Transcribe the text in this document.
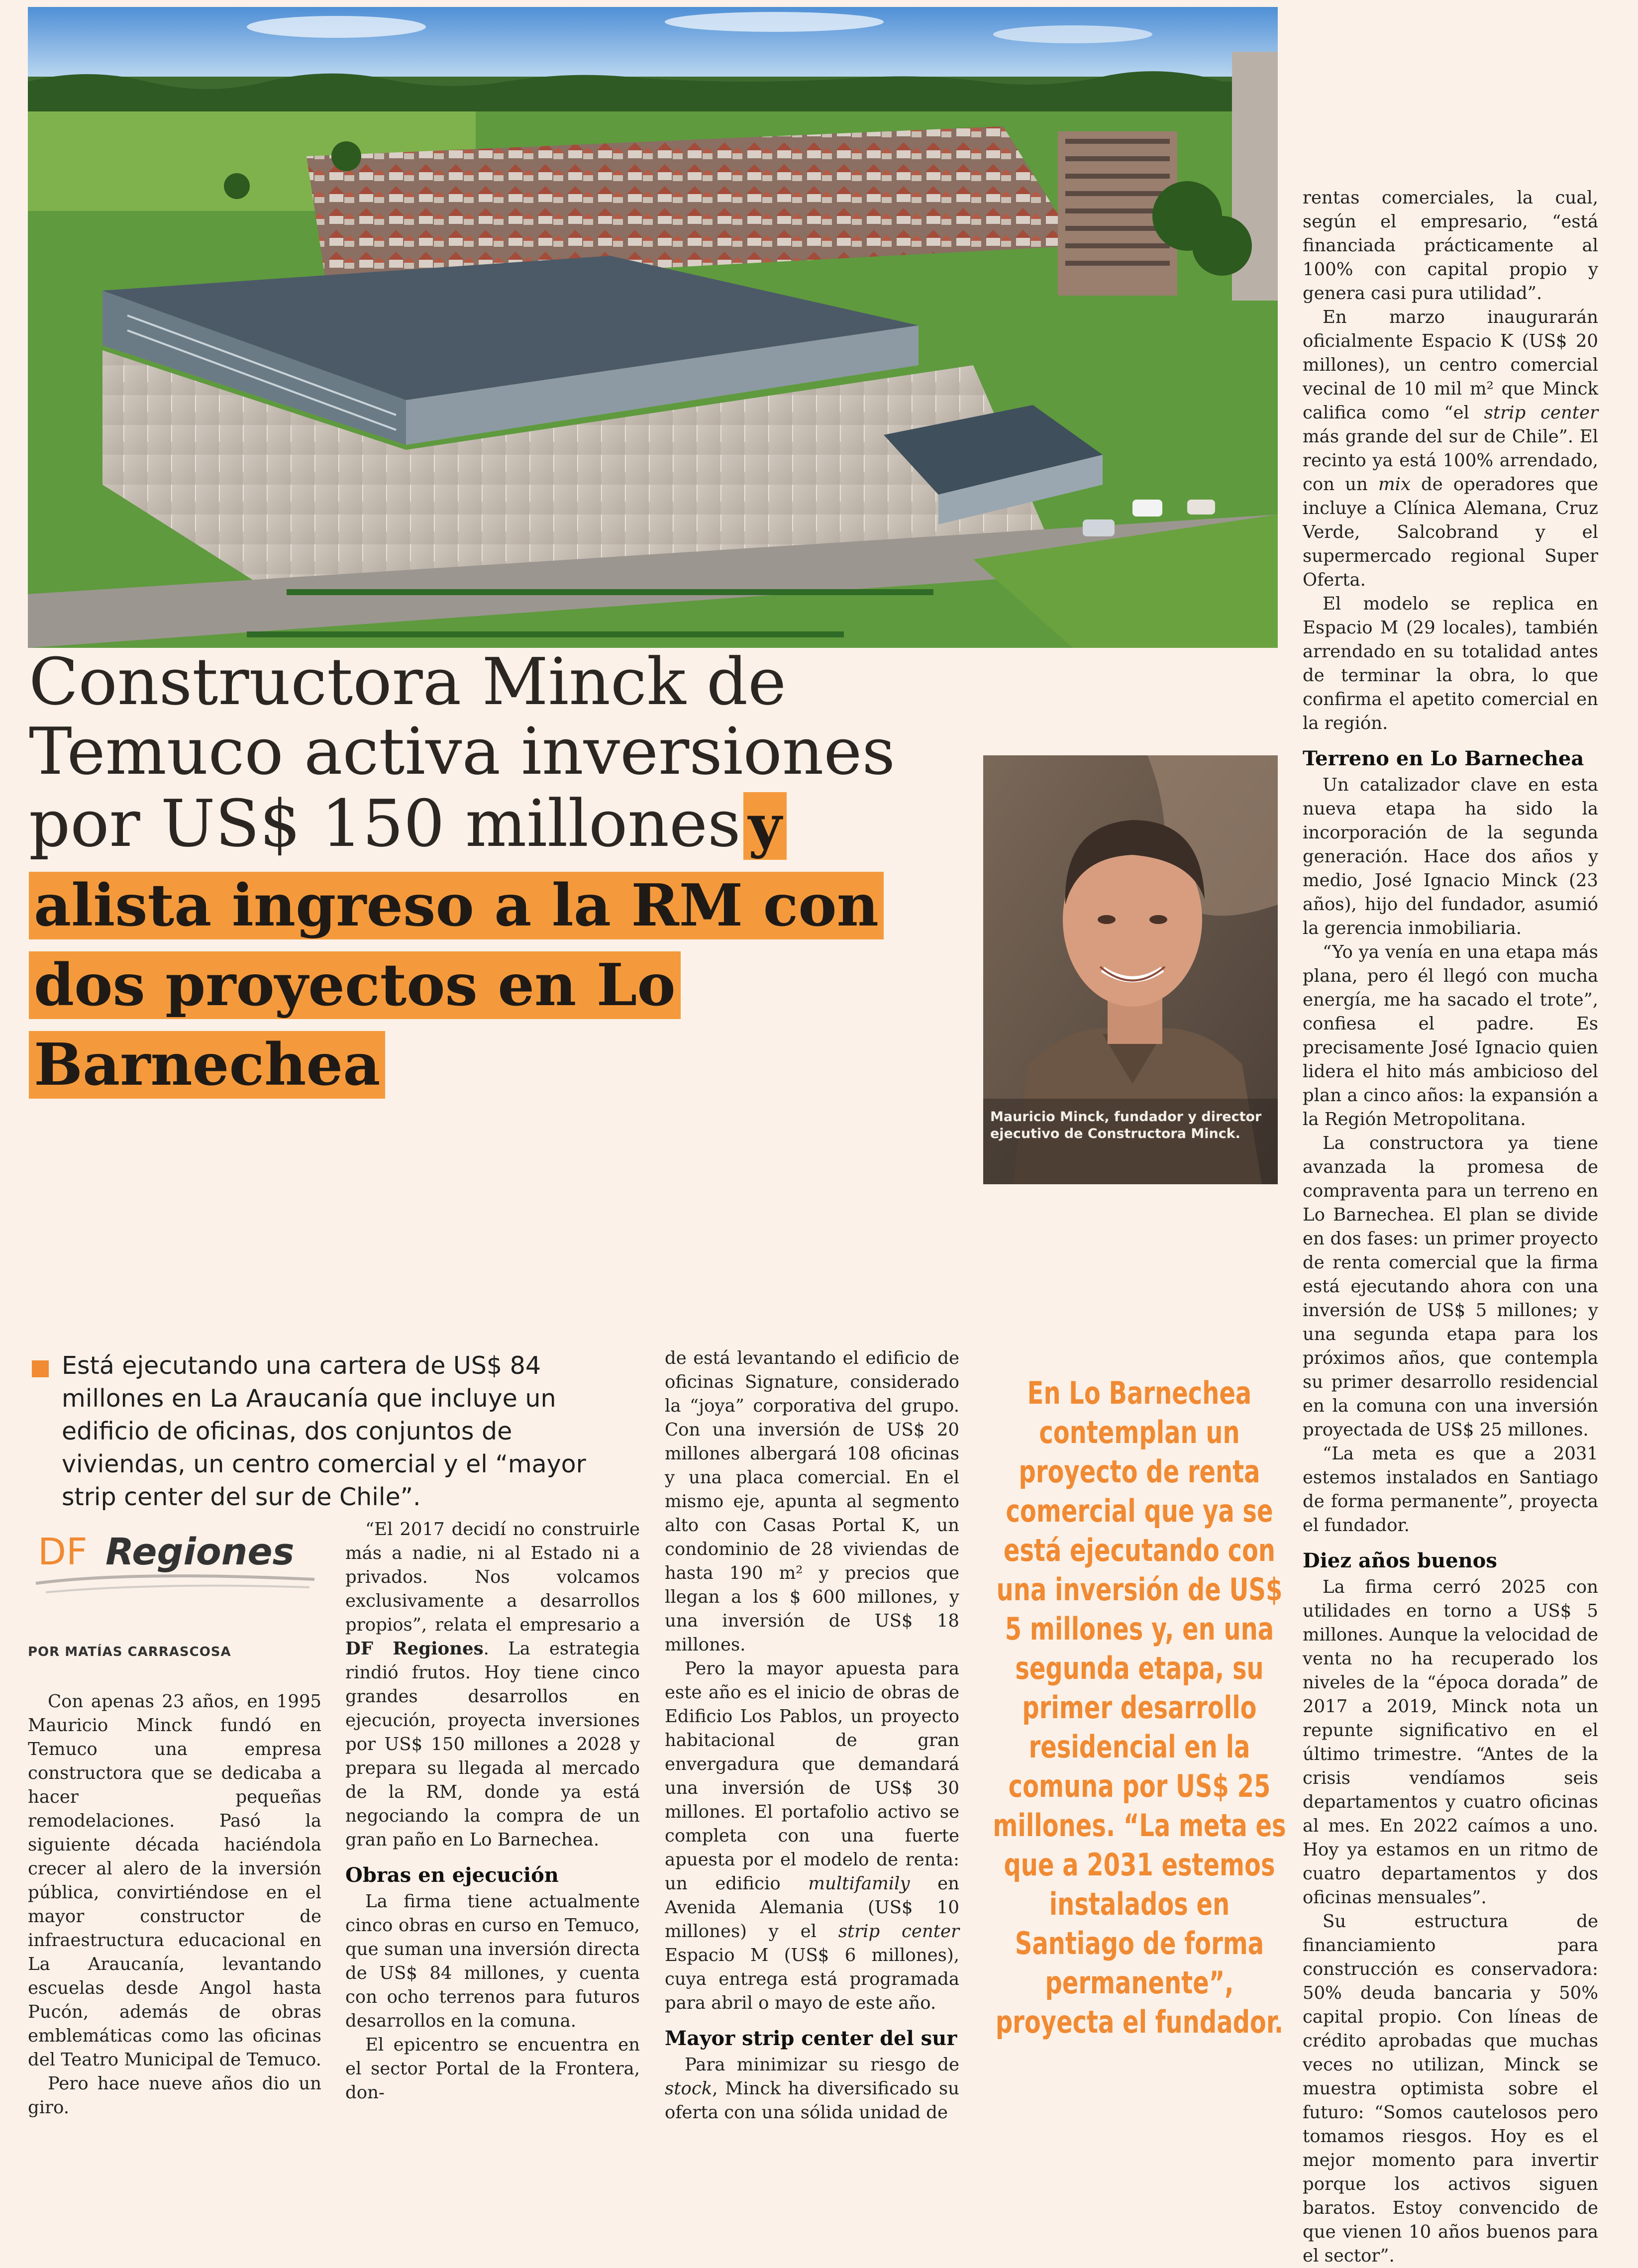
Constructora Minck de Temuco activa inversiones por US$ 150 millones y alista ingreso a la RM con dos proyectos en Lo Barnechea
Mauricio Minck, fundador y director ejecutivo de Constructora Minck.
Está ejecutando una cartera de US$ 84 millones en La Araucanía que incluye un edificio de oficinas, dos conjuntos de viviendas, un centro comercial y el “mayor strip center del sur de Chile”.
DF Regiones
POR MATÍAS CARRASCOSA
En Lo Barnechea contemplan un proyecto de renta comercial que ya se está ejecutando con una inversión de US$ 5 millones y, en una segunda etapa, su primer desarrollo residencial en la comuna por US$ 25 millones. “La meta es que a 2031 estemos instalados en Santiago de forma permanente”, proyecta el fundador.

Con apenas 23 años, en 1995 Mauricio Minck fundó en Temuco una empresa constructora que se dedicaba a hacer pequeñas remodelaciones. Pasó la siguiente década haciéndola crecer al alero de la inversión pública, convirtiéndose en el mayor constructor de infraestructura educacional en La Araucanía, levantando escuelas desde Angol hasta Pucón, además de obras emblemáticas como las oficinas del Teatro Municipal de Temuco.

Pero hace nueve años dio un giro.

“El 2017 decidí no construirle más a nadie, ni al Estado ni a privados. Nos volcamos exclusivamente a desarrollos propios”, relata el empresario a DF Regiones. La estrategia rindió frutos. Hoy tiene cinco grandes desarrollos en ejecución, proyecta inversiones por US$ 150 millones a 2028 y prepara su llegada al mercado de la RM, donde ya está negociando la compra de un gran paño en Lo Barnechea.

Obras en ejecución

La firma tiene actualmente cinco obras en curso en Temuco, que suman una inversión directa de US$ 84 millones, y cuenta con ocho terrenos para futuros desarrollos en la comuna.

El epicentro se encuentra en el sector Portal de la Frontera, don-

de está levantando el edificio de oficinas Signature, considerado la “joya” corporativa del grupo. Con una inversión de US$ 20 millones albergará 108 oficinas y una placa comercial. En el mismo eje, apunta al segmento alto con Casas Portal K, un condominio de 28 viviendas de hasta 190 m² y precios que llegan a los $ 600 millones, y una inversión de US$ 18 millones.

Pero la mayor apuesta para este año es el inicio de obras de Edificio Los Pablos, un proyecto habitacional de gran envergadura que demandará una inversión de US$ 30 millones. El portafolio activo se completa con una fuerte apuesta por el modelo de renta: un edificio multifamily en Avenida Alemania (US$ 10 millones) y el strip center Espacio M (US$ 6 millones), cuya entrega está programada para abril o mayo de este año.

Mayor strip center del sur

Para minimizar su riesgo de stock, Minck ha diversificado su oferta con una sólida unidad de

rentas comerciales, la cual, según el empresario, “está financiada prácticamente al 100% con capital propio y genera casi pura utilidad”.

En marzo inaugurarán oficialmente Espacio K (US$ 20 millones), un centro comercial vecinal de 10 mil m² que Minck califica como “el strip center más grande del sur de Chile”. El recinto ya está 100% arrendado, con un mix de operadores que incluye a Clínica Alemana, Cruz Verde, Salcobrand y el supermercado regional Super Oferta.

El modelo se replica en Espacio M (29 locales), también arrendado en su totalidad antes de terminar la obra, lo que confirma el apetito comercial en la región.

Terreno en Lo Barnechea

Un catalizador clave en esta nueva etapa ha sido la incorporación de la segunda generación. Hace dos años y medio, José Ignacio Minck (23 años), hijo del fundador, asumió la gerencia inmobiliaria.

“Yo ya venía en una etapa más plana, pero él llegó con mucha energía, me ha sacado el trote”, confiesa el padre. Es precisamente José Ignacio quien lidera el hito más ambicioso del plan a cinco años: la expansión a la Región Metropolitana.

La constructora ya tiene avanzada la promesa de compraventa para un terreno en Lo Barnechea. El plan se divide en dos fases: un primer proyecto de renta comercial que la firma está ejecutando ahora con una inversión de US$ 5 millones; y una segunda etapa para los próximos años, que contempla su primer desarrollo residencial en la comuna con una inversión proyectada de US$ 25 millones.

“La meta es que a 2031 estemos instalados en Santiago de forma permanente”, proyecta el fundador.

Diez años buenos

La firma cerró 2025 con utilidades en torno a US$ 5 millones. Aunque la velocidad de venta no ha recuperado los niveles de la “época dorada” de 2017 a 2019, Minck nota un repunte significativo en el último trimestre. “Antes de la crisis vendíamos seis departamentos y cuatro oficinas al mes. En 2022 caímos a uno. Hoy ya estamos en un ritmo de cuatro departamentos y dos oficinas mensuales”.

Su estructura de financiamiento para construcción es conservadora: 50% deuda bancaria y 50% capital propio. Con líneas de crédito aprobadas que muchas veces no utilizan, Minck se muestra optimista sobre el futuro: “Somos cautelosos pero tomamos riesgos. Hoy es el mejor momento para invertir porque los activos siguen baratos. Estoy convencido de que vienen 10 años buenos para el sector”.
